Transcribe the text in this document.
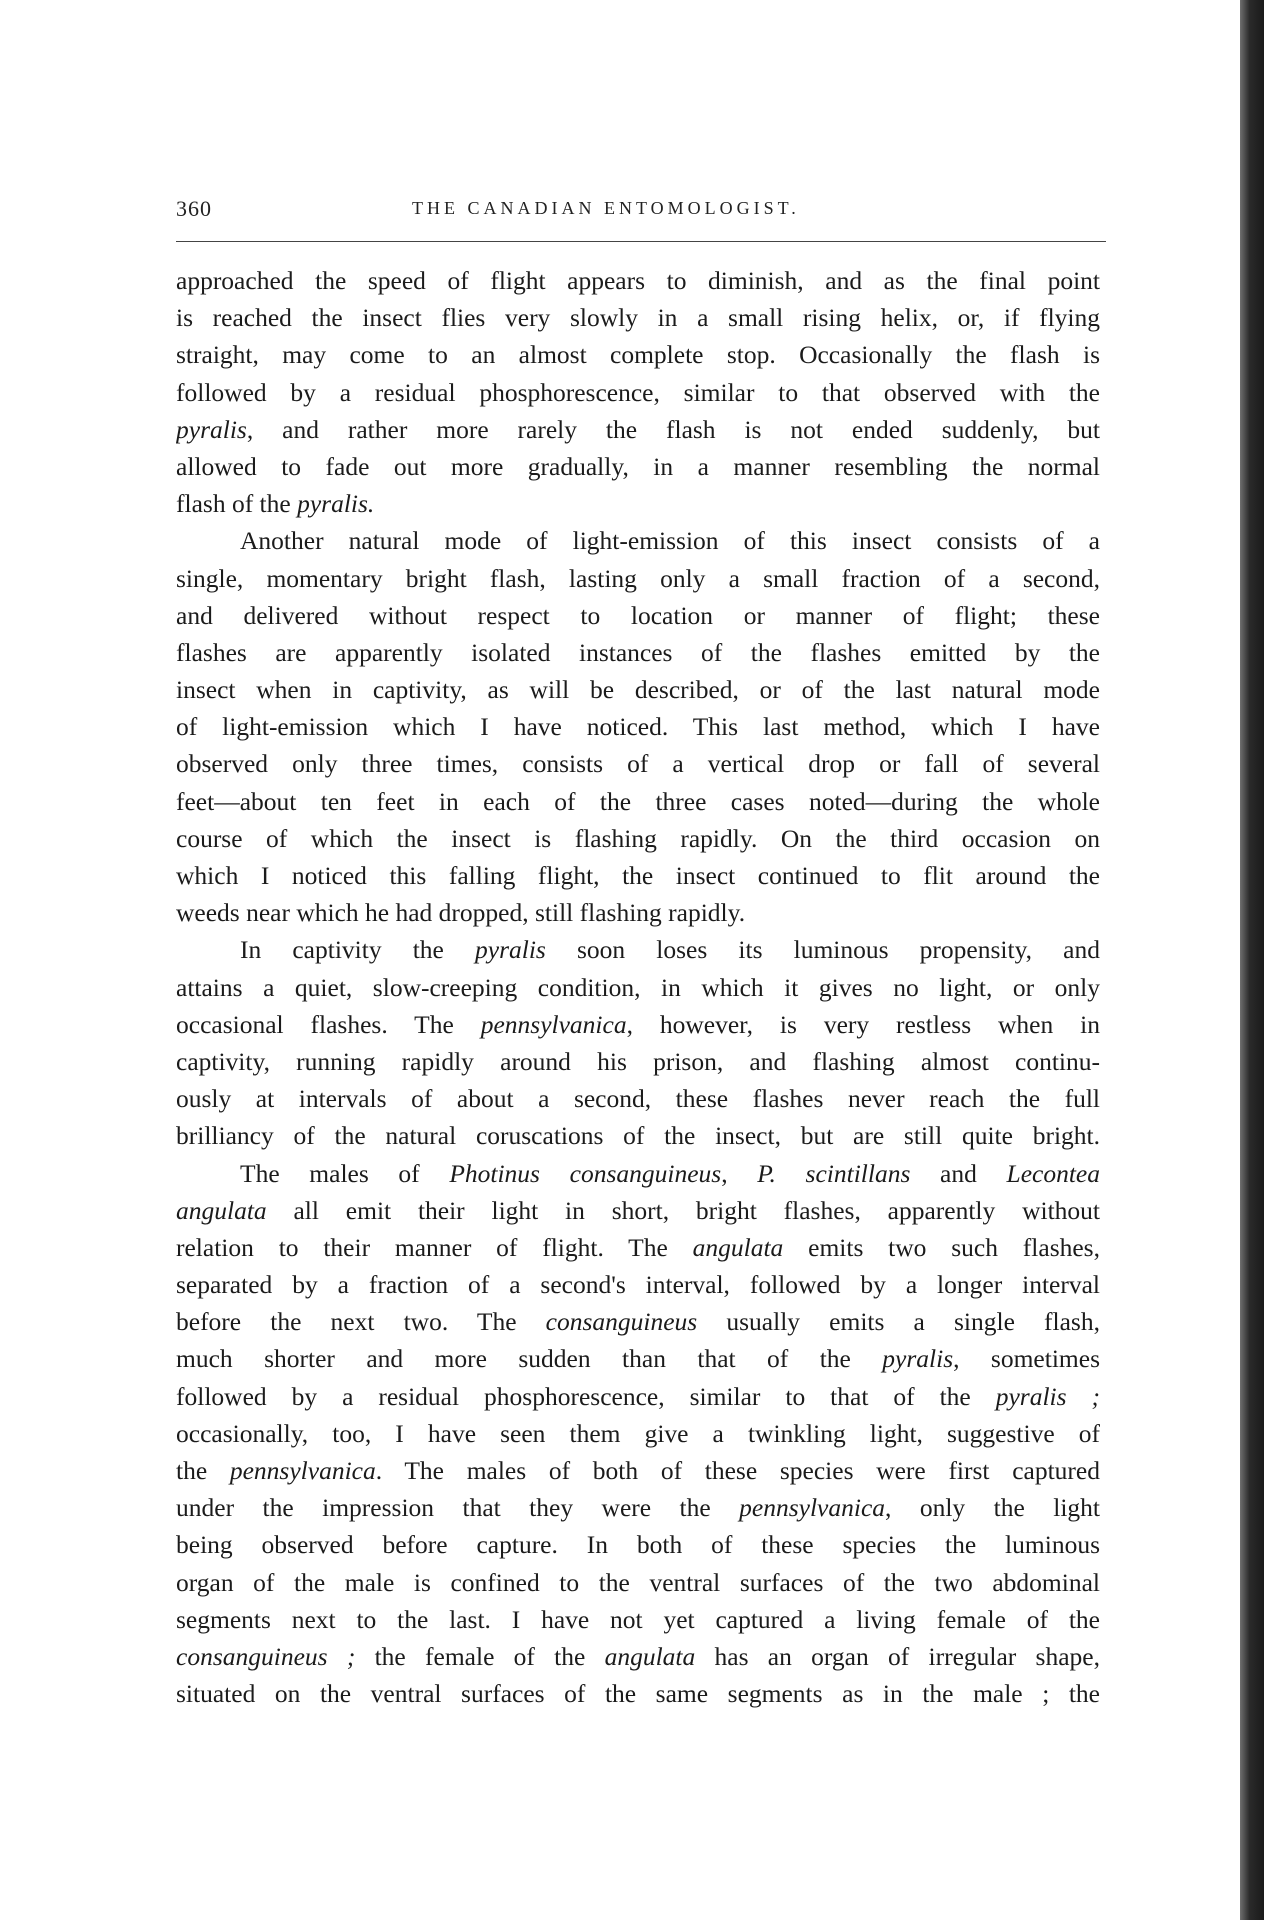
360	THE CANADIAN ENTOMOLOGIST.
approached the speed of flight appears to diminish, and as the final point
is reached the insect flies very slowly in a small rising helix, or, if flying
straight, may come to an almost complete stop. Occasionally the flash is
followed by a residual phosphorescence, similar to that observed with the
pyralis, and rather more rarely the flash is not ended suddenly, but
allowed to fade out more gradually, in a manner resembling the normal
flash of the pyralis.
Another natural mode of light-emission of this insect consists of a
single, momentary bright flash, lasting only a small fraction of a second,
and delivered without respect to location or manner of flight; these
flashes are apparently isolated instances of the flashes emitted by the
insect when in captivity, as will be described, or of the last natural mode
of light-emission which I have noticed. This last method, which I have
observed only three times, consists of a vertical drop or fall of several
feet—about ten feet in each of the three cases noted—during the whole
course of which the insect is flashing rapidly. On the third occasion on
which I noticed this falling flight, the insect continued to flit around the
weeds near which he had dropped, still flashing rapidly.
In captivity the pyralis soon loses its luminous propensity, and
attains a quiet, slow-creeping condition, in which it gives no light, or only
occasional flashes. The pennsylvanica, however, is very restless when in
captivity, running rapidly around his prison, and flashing almost continu-
ously at intervals of about a second, these flashes never reach the full
brilliancy of the natural coruscations of the insect, but are still quite bright.
The males of Photinus consanguineus, P. scintillans and Lecontea
angulata all emit their light in short, bright flashes, apparently without
relation to their manner of flight. The angulata emits two such flashes,
separated by a fraction of a second's interval, followed by a longer interval
before the next two. The consanguineus usually emits a single flash,
much shorter and more sudden than that of the pyralis, sometimes
followed by a residual phosphorescence, similar to that of the pyralis ;
occasionally, too, I have seen them give a twinkling light, suggestive of
the pennsylvanica. The males of both of these species were first captured
under the impression that they were the pennsylvanica, only the light
being observed before capture. In both of these species the luminous
organ of the male is confined to the ventral surfaces of the two abdominal
segments next to the last. I have not yet captured a living female of the
consanguineus ; the female of the angulata has an organ of irregular shape,
situated on the ventral surfaces of the same segments as in the male ; the
